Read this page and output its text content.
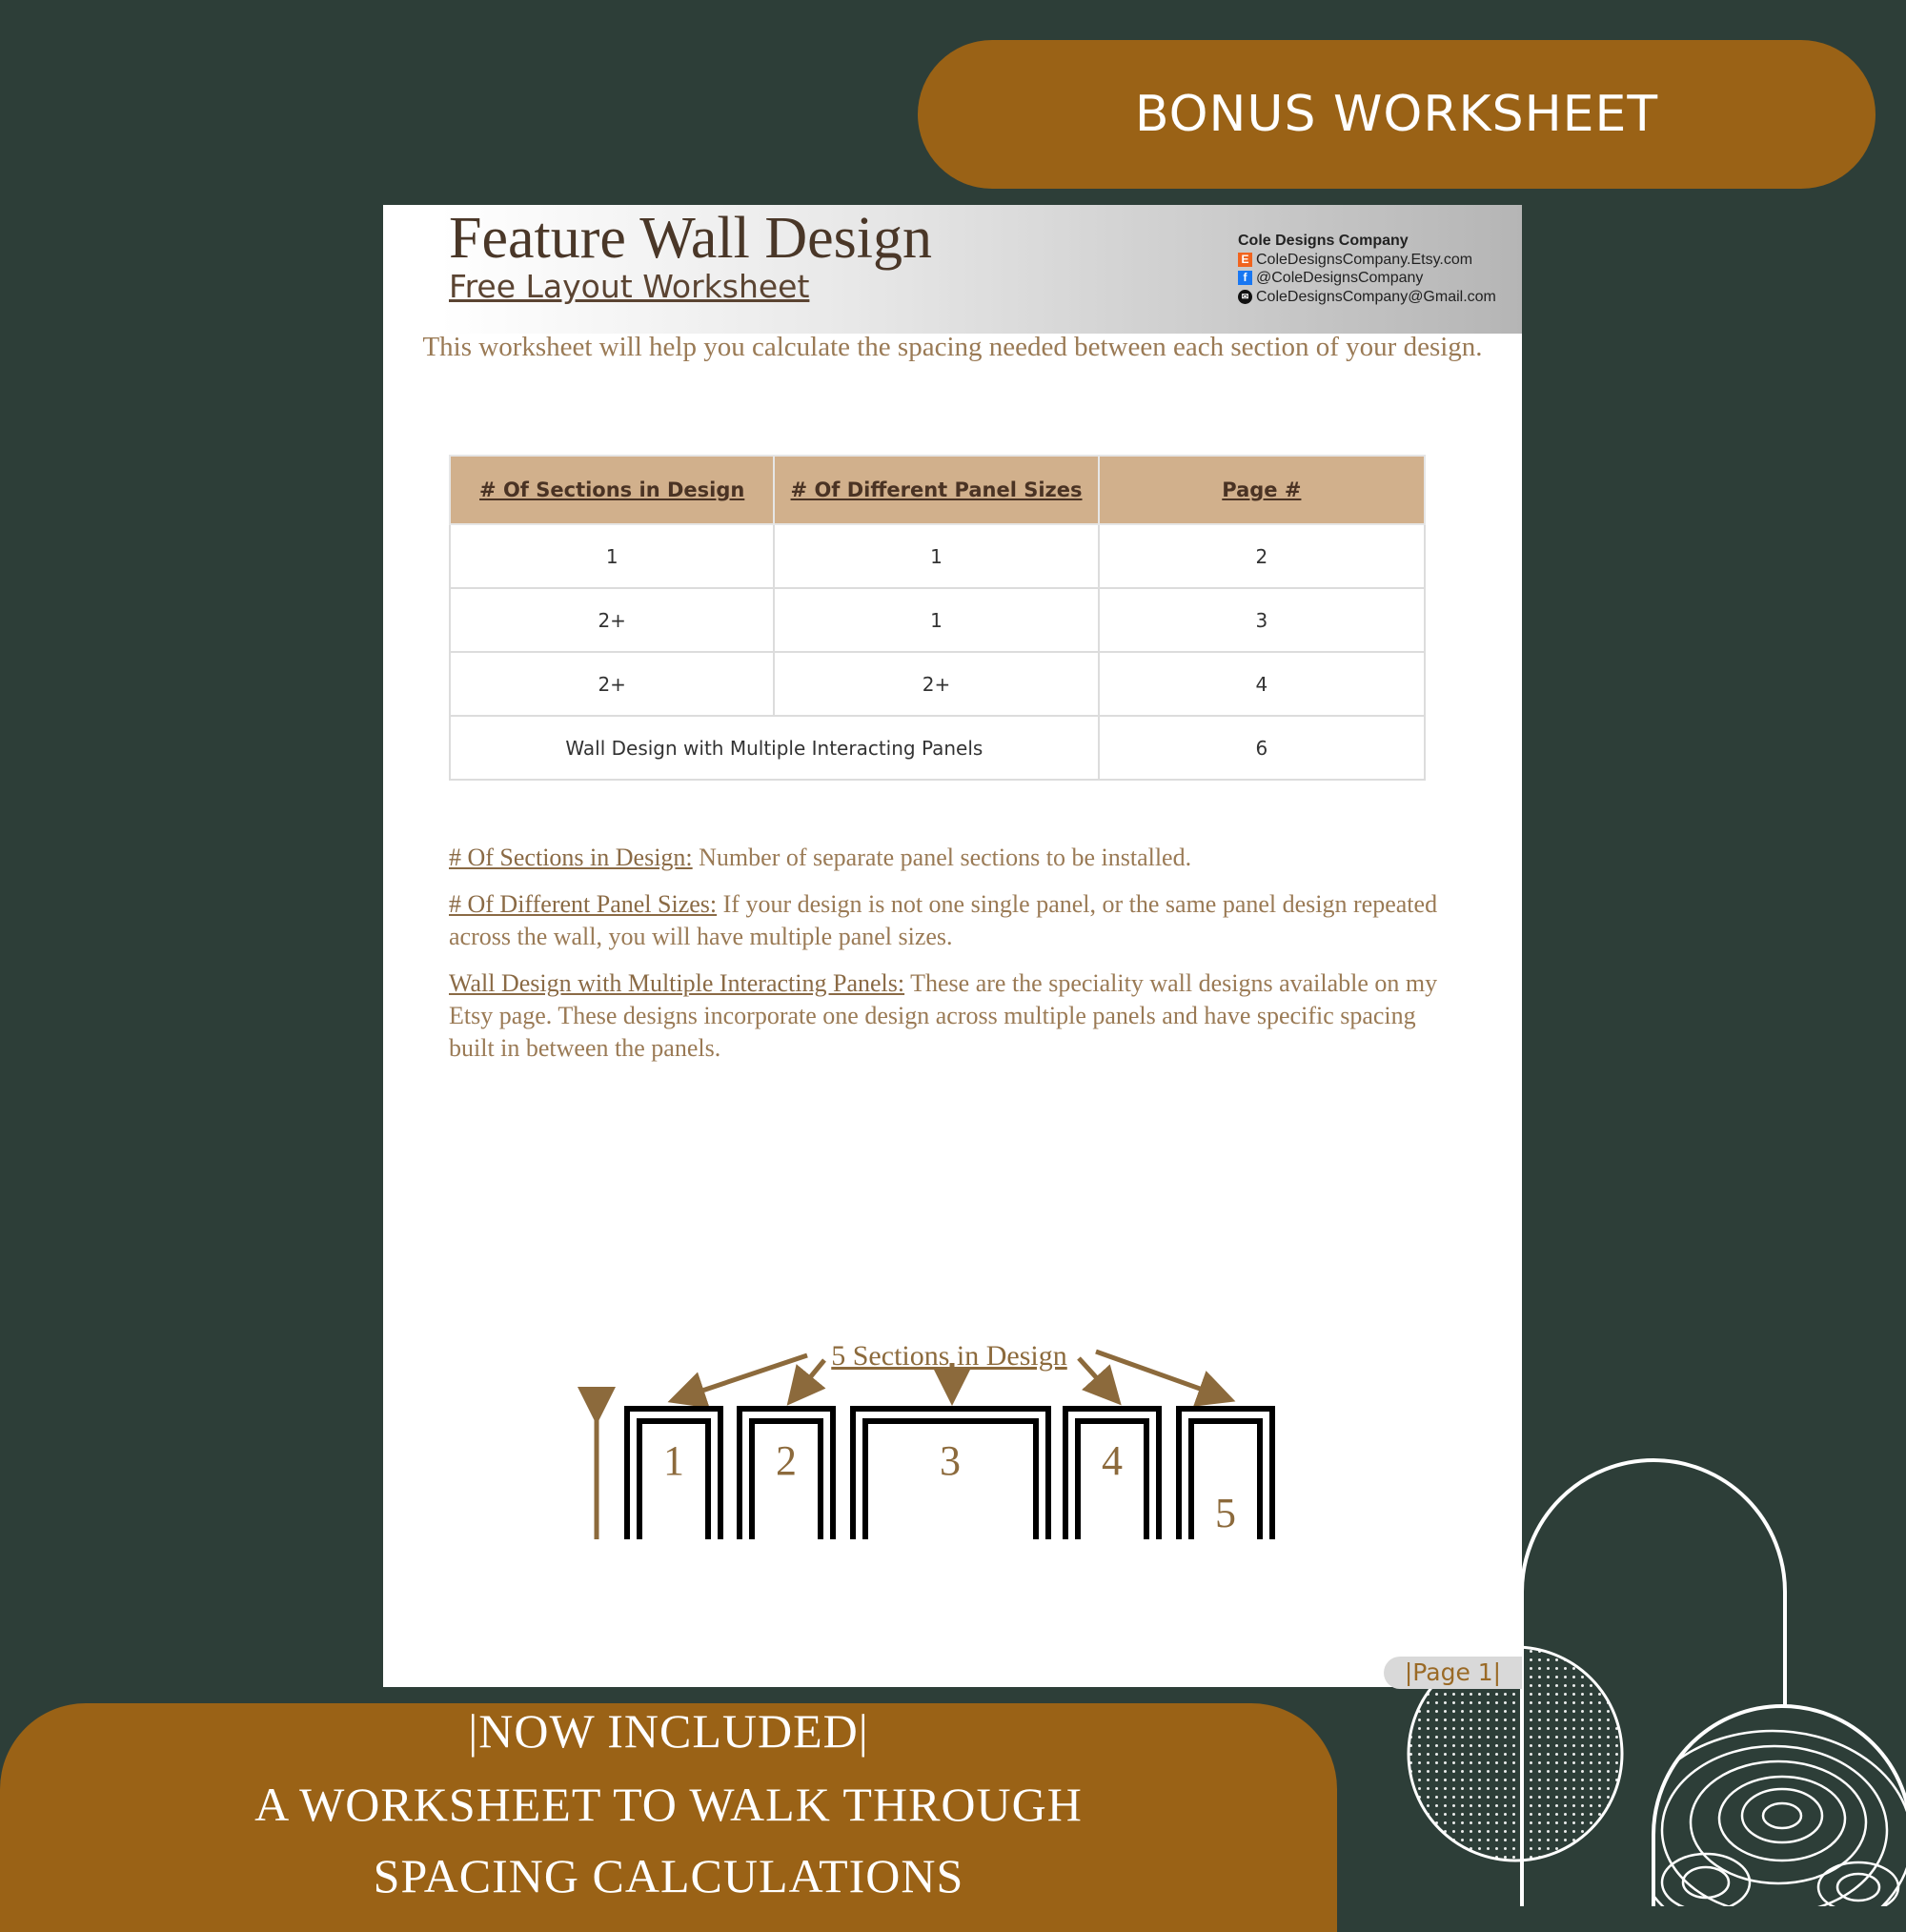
BONUS WORKSHEET
Feature Wall Design
Free Layout Worksheet
Cole Designs Company
E ColeDesignsCompany.Etsy.com
f @ColeDesignsCompany
✉ ColeDesignsCompany@Gmail.com
This worksheet will help you calculate the spacing needed between each section of your design.
# Of Sections in Design	# Of Different Panel Sizes	Page #
1	1	2
2+	1	3
2+	2+	4
Wall Design with Multiple Interacting Panels		6

# Of Sections in Design: Number of separate panel sections to be installed.

# Of Different Panel Sizes: If your design is not one single panel, or the same panel design repeated across the wall, you will have multiple panel sizes.

Wall Design with Multiple Interacting Panels: These are the speciality wall designs available on my Etsy page. These designs incorporate one design across multiple panels and have specific spacing built in between the panels.

5 Sections in Design
1 2	3	4
5
|Page 1|
|NOW INCLUDED|
A WORKSHEET TO WALK THROUGH
SPACING CALCULATIONS
